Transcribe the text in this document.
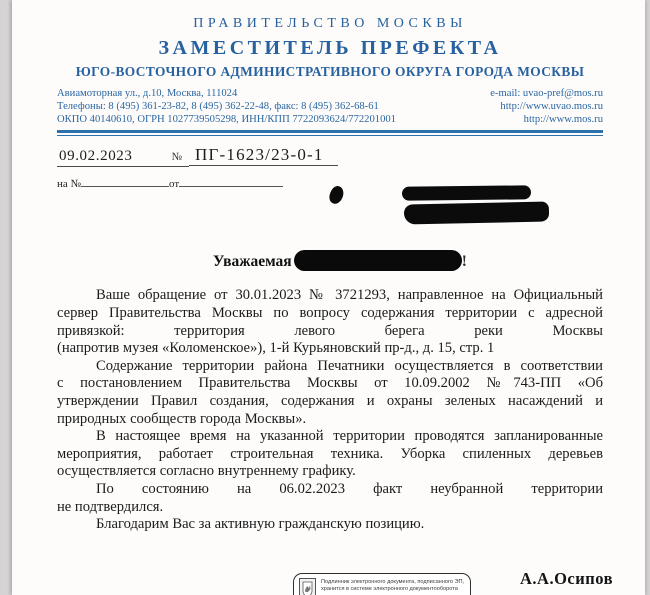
ПРАВИТЕЛЬСТВО МОСКВЫ
ЗАМЕСТИТЕЛЬ ПРЕФЕКТА
ЮГО-ВОСТОЧНОГО АДМИНИСТРАТИВНОГО ОКРУГА ГОРОДА МОСКВЫ
Авиамоторная ул., д.10, Москва, 111024
Телефоны: 8 (495) 361-23-82, 8 (495) 362-22-48, факс: 8 (495) 362-68-61
ОКПО 40140610, ОГРН 1027739505298, ИНН/КПП 7722093624/772201001
e-mail: uvao-pref@mos.ru
http://www.uvao.mos.ru
http://www.mos.ru
09.02.2023	№ ПГ-1623/23-0-1
на №	от
Уважаемая	!
Ваше обращение от 30.01.2023 № 3721293, направленное на Официальный
сервер Правительства Москвы по вопросу содержания территории с адресной
привязкой: территория левого берега реки Москвы
(напротив музея «Коломенское»), 1-й Курьяновский пр-д., д. 15, стр. 1
Содержание территории района Печатники осуществляется в соответствии
с постановлением Правительства Москвы от 10.09.2002 №743-ПП «Об
утверждении Правил создания, содержания и охраны зеленых насаждений и
природных сообществ города Москвы».
В настоящее время на указанной территории проводятся запланированные
мероприятия, работает строительная техника. Уборка спиленных деревьев
осуществляется согласно внутреннему графику.
По состоянию на 06.02.2023 факт неубранной территории
не подтвердился.
Благодарим Вас за активную гражданскую позицию.
Подлинник электронного документа, подписанного ЭП,
хранится в системе электронного документооборота	А.А.Осипов
